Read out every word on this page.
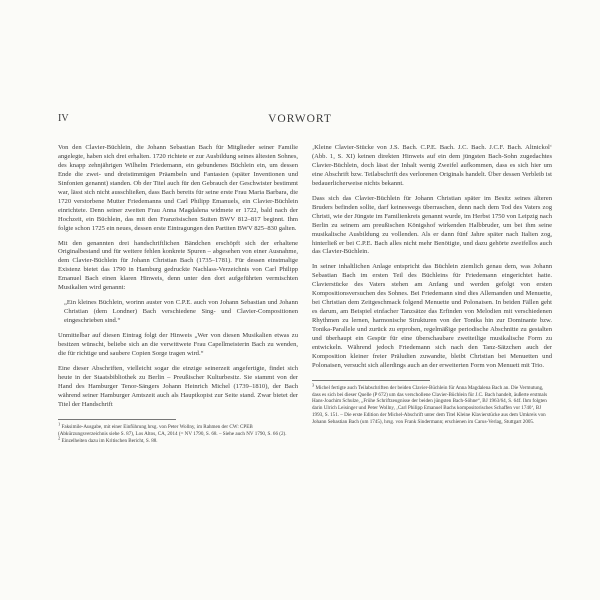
IV	VORWORT

Von den Clavier-Büchlein, die Johann Sebastian Bach für Mitglieder seiner Familie angelegte, haben sich drei erhalten. 1720 richtete er zur Ausbildung seines ältesten Sohnes, des knapp zehnjährigen Wilhelm Friedemann, ein gebundenes Büchlein ein, um dessen Ende die zwei- und dreistimmigen Präambeln und Fantasien (später Inventionen und Sinfonien genannt) standen. Ob der Titel auch für den Gebrauch der Geschwister bestimmt war, lässt sich nicht ausschließen, dass Bach bereits für seine erste Frau Maria Barbara, die 1720 verstorbene Mutter Friedemanns und Carl Philipp Emanuels, ein Clavier-Büchlein einrichtete. Denn seiner zweiten Frau Anna Magdalena widmete er 1722, bald nach der Hochzeit, ein Büchlein, das mit den Französischen Suiten BWV 812–817 beginnt. Ihm folgte schon 1725 ein neues, dessen erste Eintragungen den Partiten BWV 825–830 galten.

Mit den genannten drei handschriftlichen Bändchen erschöpft sich der erhaltene Originalbestand und für weitere fehlen konkrete Spuren – abgesehen von einer Ausnahme, dem Clavier-Büchlein für Johann Christian Bach (1735–1781). Für dessen einstmalige Existenz bietet das 1790 in Hamburg gedruckte Nachlass-Verzeichnis von Carl Philipp Emanuel Bach einen klaren Hinweis, denn unter den dort aufgeführten vermischten Musikalien wird genannt:

„Ein kleines Büchlein, worinn auster von C.P.E. auch von Johann Sebastian und Johann Christian (dem Londner) Bach verschiedene Sing- und Clavier-Compositionen eingeschrieben sind.“

Unmittelbar auf diesen Eintrag folgt der Hinweis „Wer von diesen Musikalien etwas zu besitzen wünscht, beliebe sich an die verwittwete Frau Capellmeisterin Bach zu wenden, die für richtige und saubere Copien Sorge tragen wird.“

Eine dieser Abschriften, vielleicht sogar die einzige seinerzeit angefertigte, findet sich heute in der Staatsbibliothek zu Berlin – Preußischer Kulturbesitz. Sie stammt von der Hand des Hamburger Tenor-Sängers Johann Heinrich Michel (1739–1810), der Bach während seiner Hamburger Amtszeit auch als Hauptkopist zur Seite stand. Zwar bietet der Titel der Handschrift

$^1$ Faksimile-Ausgabe, mit einer Einführung hrsg. von Peter Wollny, im Rahmen der CW: CPEB (Abkürzungsverzeichnis siehe S. 87), Los Altos, CA, 2014 (= NV 1790, S. 68. – Siehe auch NV 1790, S. 66 (2).
$^2$ Einzelheiten dazu im Kritischen Bericht, S. 88.

‚Kleine Clavier-Stücke von J.S. Bach. C.P.E. Bach. J.C. Bach. J.C.F. Bach. Altnickol‘ (Abb. 1, S. XI) keinen direkten Hinweis auf ein dem jüngsten Bach-Sohn zugedachtes Clavier-Büchlein, doch lässt der Inhalt wenig Zweifel aufkommen, dass es sich hier um eine Abschrift bzw. Teilabschrift des verlorenen Originals handelt. Über dessen Verbleib ist bedauerlicherweise nichts bekannt.

Dass sich das Clavier-Büchlein für Johann Christian später im Besitz seines älteren Bruders befinden sollte, darf keineswegs überraschen, denn nach dem Tod des Vaters zog Christi, wie der Jüngste im Familienkreis genannt wurde, im Herbst 1750 von Leipzig nach Berlin zu seinem am preußischen Königshof wirkenden Halbbruder, um bei ihm seine musikalische Ausbildung zu vollenden. Als er dann fünf Jahre später nach Italien zog, hinterließ er bei C.P.E. Bach alles nicht mehr Benötigte, und dazu gehörte zweifellos auch das Clavier-Büchlein.

In seiner inhaltlichen Anlage entspricht das Büchlein ziemlich genau dem, was Johann Sebastian Bach im ersten Teil des Büchleins für Friedemann eingerichtet hatte. Clavierstücke des Vaters stehen am Anfang und werden gefolgt von ersten Kompositionsversuchen des Sohnes. Bei Friedemann sind dies Allemanden und Menuette, bei Christian dem Zeitgeschmack folgend Menuette und Polonaisen. In beiden Fällen geht es darum, am Beispiel einfacher Tanzsätze das Erfinden von Melodien mit verschiedenen Rhythmen zu lernen, harmonische Strukturen von der Tonika hin zur Dominante bzw. Tonika-Parallele und zurück zu erproben, regelmäßige periodische Abschnitte zu gestalten und überhaupt ein Gespür für eine überschaubare zweiteilige musikalische Form zu entwickeln. Während jedoch Friedemann sich nach den Tanz-Sätzchen auch der Komposition kleiner freier Präludien zuwandte, bleibt Christian bei Menuetten und Polonaisen, versucht sich allerdings auch an der erweiterten Form von Menuett mit Trio.

$^3$ Michel fertigte auch Teilabschriften der beiden Clavier-Büchlein für Anna Magdalena Bach an. Die Vermutung, dass es sich bei dieser Quelle (P 672) um das verschollene Clavier-Büchlein für J.C. Bach handelt, äußerte erstmals Hans-Joachim Schulze, „Frühe Schriftzeugnisse der beiden jüngsten Bach-Söhne“, BJ 1963/64, S. 64f. Ihm folgten darin Ulrich Leisinger und Peter Wollny, ‚Carl Philipp Emanuel Bachs kompositorisches Schaffen vor 1740‘, BJ 1993, S. 151. – Die erste Edition der Michel-Abschrift unter dem Titel Kleine Klavierstücke aus dem Umkreis von Johann Sebastian Bach (um 1745), hrsg. von Frank Sindermann; erschienen im Carus-Verlag, Stuttgart 2005.
